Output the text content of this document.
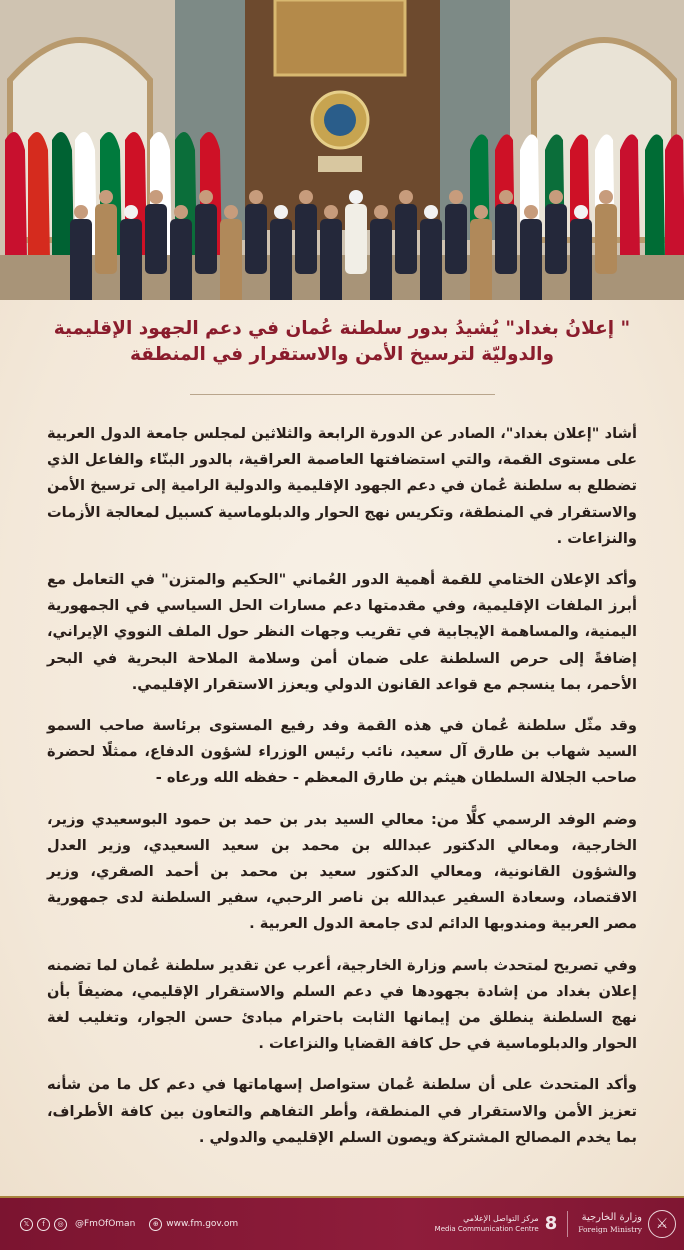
" إعلانُ بغداد" يُشيدُ بدور سلطنة عُمان في دعم الجهود الإقليمية
والدوليّة لترسيخ الأمن والاستقرار في المنطقة

أشاد "إعلان بغداد"، الصادر عن الدورة الرابعة والثلاثين لمجلس جامعة الدول العربية على مستوى القمة، والتي استضافتها العاصمة العراقية، بالدور البنّاء والفاعل الذي تضطلع به سلطنة عُمان في دعم الجهود الإقليمية والدولية الرامية إلى ترسيخ الأمن والاستقرار في المنطقة، وتكريس نهج الحوار والدبلوماسية كسبيل لمعالجة الأزمات والنزاعات .

وأكد الإعلان الختامي للقمة أهمية الدور العُماني "الحكيم والمتزن" في التعامل مع أبرز الملفات الإقليمية، وفي مقدمتها دعم مسارات الحل السياسي في الجمهورية اليمنية، والمساهمة الإيجابية في تقريب وجهات النظر حول الملف النووي الإيراني، إضافةً إلى حرص السلطنة على ضمان أمن وسلامة الملاحة البحرية في البحر الأحمر، بما ينسجم مع قواعد القانون الدولي ويعزز الاستقرار الإقليمي.

وقد مثّل سلطنة عُمان في هذه القمة وفد رفيع المستوى برئاسة صاحب السمو السيد شهاب بن طارق آل سعيد، نائب رئيس الوزراء لشؤون الدفاع، ممثلًا لحضرة صاحب الجلالة السلطان هيثم بن طارق المعظم - حفظه الله ورعاه -

وضم الوفد الرسمي كلًّا من: معالي السيد بدر بن حمد بن حمود البوسعيدي وزير، الخارجية، ومعالي الدكتور عبدالله بن محمد بن سعيد السعيدي، وزير العدل والشؤون القانونية، ومعالي الدكتور سعيد بن محمد بن أحمد الصقري، وزير الاقتصاد، وسعادة السفير عبدالله بن ناصر الرحبي، سفير السلطنة لدى جمهورية مصر العربية ومندوبها الدائم لدى جامعة الدول العربية .

وفي تصريح لمتحدث باسم وزارة الخارجية، أعرب عن تقدير سلطنة عُمان لما تضمنه إعلان بغداد من إشادة بجهودها في دعم السلم والاستقرار الإقليمي، مضيفاً بأن نهج السلطنة ينطلق من إيمانها الثابت باحترام مبادئ حسن الجوار، وتغليب لغة الحوار والدبلوماسية في حل كافة القضايا والنزاعات .

وأكد المتحدث على أن سلطنة عُمان ستواصل إسهاماتها في دعم كل ما من شأنه تعزيز الأمن والاستقرار في المنطقة، وأطر التفاهم والتعاون بين كافة الأطراف، بما يخدم المصالح المشتركة ويصون السلم الإقليمي والدولي .

𝕏	f	◎	@FmOfOman	⊕ www.fm.gov.om
مركز التواصل الإعلامي
Media Communication Centre 8	وزارة الخارجية
Foreign Ministry ⚔
